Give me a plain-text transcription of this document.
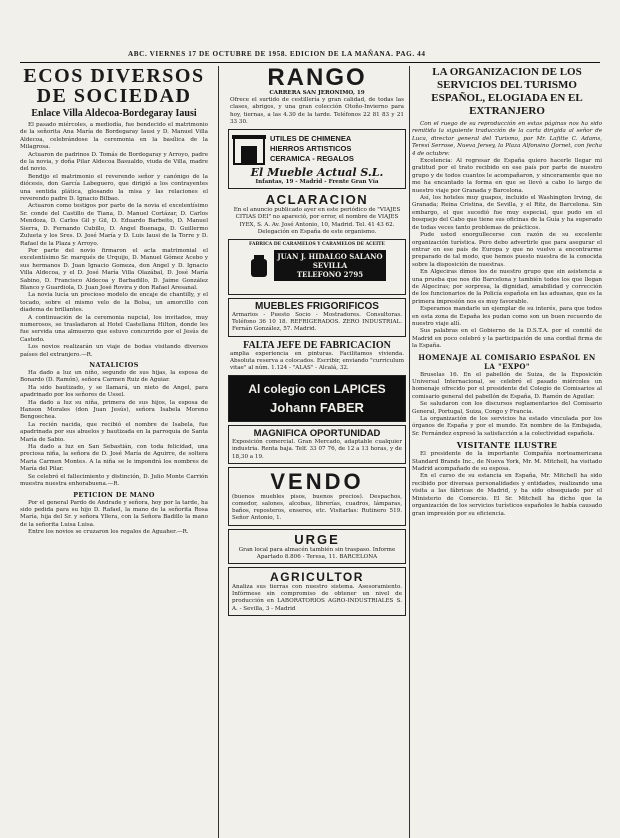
ABC. VIERNES 17 DE OCTUBRE DE 1958. EDICION DE LA MAÑANA. PAG. 44
ECOS DIVERSOS DE SOCIEDAD
Enlace Villa Aldecoa-Bordegaray Iausi

El pasado miércoles, a mediodía, fue bendecido el matrimonio de la señorita Ana María de Bordegaray Iausi y D. Manuel Villa Aldecoa, celebrándose la ceremonia en la basílica de la Milagrosa.

Actuaron de padrinos D. Tomás de Bordegaray y Arroyo, padre de la novia, y doña Pilar Aldecoa Basualdo, viuda de Villa, madre del novio.

Bendijo el matrimonio el reverendo señor y canónigo de la diócesis, don García Labeguero, que dirigió a los contrayentes una sentida plática, glosando la misa y las relaciones el reverendo padre D. Ignacio Bilbao.

Actuaron como testigos por parte de la novia el excelentísimo Sr. conde del Castillo de Tiana, D. Manuel Cortázar, D. Carlos Mendoza, D. Carlos Gil y Gil, D. Eduardo Barbeito, D. Manuel Sierra, D. Fernando Cubillo, D. Angel Buenaga, D. Guillermo Zulueta y los Sres. D. José María y D. Luis Iausi de la Torre y D. Rafael de la Plaza y Arroyo.

Por parte del novio firmaron el acta matrimonial el excelentísimo Sr. marqués de Urquijo, D. Manuel Gómez Acebo y sus hermanos D. Juan Ignacio Gomeza, don Angel y D. Ignacio Villa Aldecoa, y el D. José María Villa Olazábal, D. José María Sabino, D. Francisco Aldecoa y Barbadillo, D. Jaime González Blanco y Guardiola, D. Juan José Rovira y don Rafael Aresanal.

La novia lucía un precioso modelo de encaje de chantilly, y el tocado, sobre el mismo velo de la Bolsa, un amorcillo con diadema de brillantes.

A continuación de la ceremonia nupcial, los invitados, muy numerosos, se trasladaron al Hotel Castellana Hilton, donde les fue servida una almuerzo que estuvo concurrido por el Jesús de Castedo.

Los novios realizarán un viaje de bodas visitando diversos países del extranjero.—R.

NATALICIOS

Ha dado a luz un niño, segundo de sus hijas, la esposa de Bonardo (D. Ramón), señora Carmen Ruiz de Aguiar.

Ha sido bautizado, y se llamará, un nieto de Angel, para apadrinado por los señores de Ussel.

Ha dado a luz su niña, primera de sus hijos, la esposa de Hanson Morales (don Juan Jesús), señora Isabela Moreno Bengoechea.

La recién nacida, que recibió el nombre de Isabela, fue apadrinada por sus abuelos y bautizada en la parroquia de Santa María de Sabio.

Ha dado a luz en San Sebastián, con toda felicidad, una preciosa niña, la señora de D. José María de Aguirre, de soltera Maria Carmen Montes. A la niña se le impondrá los nombres de María del Pilar.

Se celebró el fallecimiento y distinción, D. Julio Monte Carrión muestra nuestra enhorabuena.—R.

PETICION DE MANO

Por el general Pardo de Andrade y señora, hoy por la tarde, ha sido pedida para su hijo D. Rafael, la mano de la señorita Rosa María, hija del Sr. y señora Yllera, con la Señora Badillo la mano de la señorita Luisa Luisa.

Entre los novios se cruzaron los regalos de Aguaher.—R.

RANGO
CARRERA SAN JERONIMO, 19

Ofrece el surtido de cestillería y gran calidad, de todas las clases, abrigos, y una gran colección Otoño-Invierno para hoy, tiernas, a las 4.30 de la tarde. Teléfonos 22 81 83 y 21 33 30.

UTILES DE CHIMENEA
HIERROS ARTISTICOS
CERAMICA - REGALOS
El Mueble Actual S.L.
Infantas, 19 - Madrid - Frente Gran Vía
ACLARACION

En el anuncio publicado ayer en este periódico de "VIAJES CITIAS DEI" no apareció, por error, el nombre de VIAJES IYEX, S. A. Av. José Antonio, 10, Madrid. Tel. 41 43 62. Delegación en España de este organismo.

FABRICA DE CARAMELOS Y CARAMELOS DE ACEITE
JUAN J. HIDALGO SALANO
SEVILLA
TELEFONO 2795
MUEBLES FRIGORIFICOS

Armarios - Puesto Socio - Mostradores. Consultoras. Teléfono 36 10 18. REFRIGERADOS. ZERO INDUSTRIAL. Fernán González, 57. Madrid.

FALTA JEFE DE FABRICACION

amplia experiencia en pinturas. Facilitamos vivienda. Absoluta reserva a colocados. Escribir, enviando "curriculum vitae" al núm. 1.124 - "ALAS" - Alcalá, 32.

Al colegio con LAPICES
Johann FABER
MAGNIFICA OPORTUNIDAD

Exposición comercial. Gran Mercado, adaptable cualquier industria. Renta baja. Telf. 33 07 76, de 12 a 13 horas, y de 18,30 a 19.

VENDO

(buenos muebles pisos, buenos precios). Despachos, comedor, salones, alcobas, librerías, cuadros, lámparas, baños, reposteros, enseres, etc. Visitarlas: Rutinero 519. Señor Antonio, 1.

URGE

Gran local para almacén también sin traspaso. Informe Apartado 8.806 - Teresa, 11. BARCELONA

AGRICULTOR

Analiza sus tierras con nuestro sistema. Asesoramiento. Infórmese sin compromiso de obtener un nivel de producción en LABORATORIOS AGRO-INDUSTRIALES S. A. - Sevilla, 3 - Madrid

LA ORGANIZACION DE LOS SERVICIOS DEL TURISMO ESPAÑOL, ELOGIADA EN EL EXTRANJERO

Con el ruego de su reproducción en estas páginas nos ha sido remitida la siguiente traducción de la carta dirigida al señor de Luca, director general del Turismo, por Mr. Lafitte C. Adams, Teresí Serrose, Nueva Jersey, la Plaza Alfonsino (Jornet, con fecha 4 de octubre:

Excelencia: Al regresar de España quiero hacerle llegar mi gratitud por el trato recibido en ese país por parte de nuestro grupo y de todos cuantos le acompañaron, y sinceramente que no me ha encantado la forma en que se llevó a cabo lo largo de nuestro viaje por Granada y Barcelona.

Así, los hoteles muy guapos, incluido el Washington Irving, de Granada; Reina Cristina, de Sevilla, y el Ritz, de Barcelona. Sin embargo, el que sucedió fue muy especial, que pudo en el bosquejo del Cabo que tiene sus oficinas de la Guía y ha superado de todas veces tanto problemas de prácticos.

Pude usted enorgullecerse con razón de su excelente organización turística. Pero debo advertirle que para asegurar el entrar en ese país de Europa y que no vuelvo a encontrarme preparado de tal modo, que hemos puesto nuestra de la conocida sobre la disposición de nuestras.

En Algeciras dimos los de nuestro grupo que sin asistencia a una prueba que nos dio Barcelona y también todos los que llegan de Algeciras; por sorpresa, la dignidad, amabilidad y corrección de los funcionarios de la Policía española en las aduanas, que es la primera impresión nos es muy favorable.

Esperamos mandarle un ejemplar de su interés, para que todos en esta zona de España les pudan como son un buen recuerdo de nuestro viaje allí.

Sus palabras en el Gobierno de la D.S.T.A. por el comité de Madrid en poco celebró y la participación de una cordial firma de la España.

HOMENAJE AL COMISARIO ESPAÑOL EN LA "EXPO"

Bruselas 16. En el pabellón de Suiza, de la Exposición Universal Internacional, se celebró el pasado miércoles un homenaje ofrecido por el presidente del Colegio de Comisarios al comisario general del pabellón de España, D. Ramón de Aguilar.

Se saludaron con los discursos reglamentarios del Comisario General, Portugal, Suiza, Congo y Francia.

La organización de los servicios ha estado vinculada por los órganos de España y por el mundo. En nombre de la Embajada, Sr. Fernández expresó la satisfacción a la colectividad española.

VISITANTE ILUSTRE

El presidente de la importante Compañía norteamericana Standard Brands Inc., de Nueva York, Mr. M. Mitchell, ha visitado Madrid acompañado de su esposa.

En el curso de su estancia en España, Mr. Mitchell ha sido recibido por diversas personalidades y entidades, realizando una visita a las fábricas de Madrid, y ha sido obsequiado por el Ministerio de Comercio. El Sr. Mitchell ha dicho que la organización de los servicios turísticos españoles le había causado gran impresión por su eficiencia.
